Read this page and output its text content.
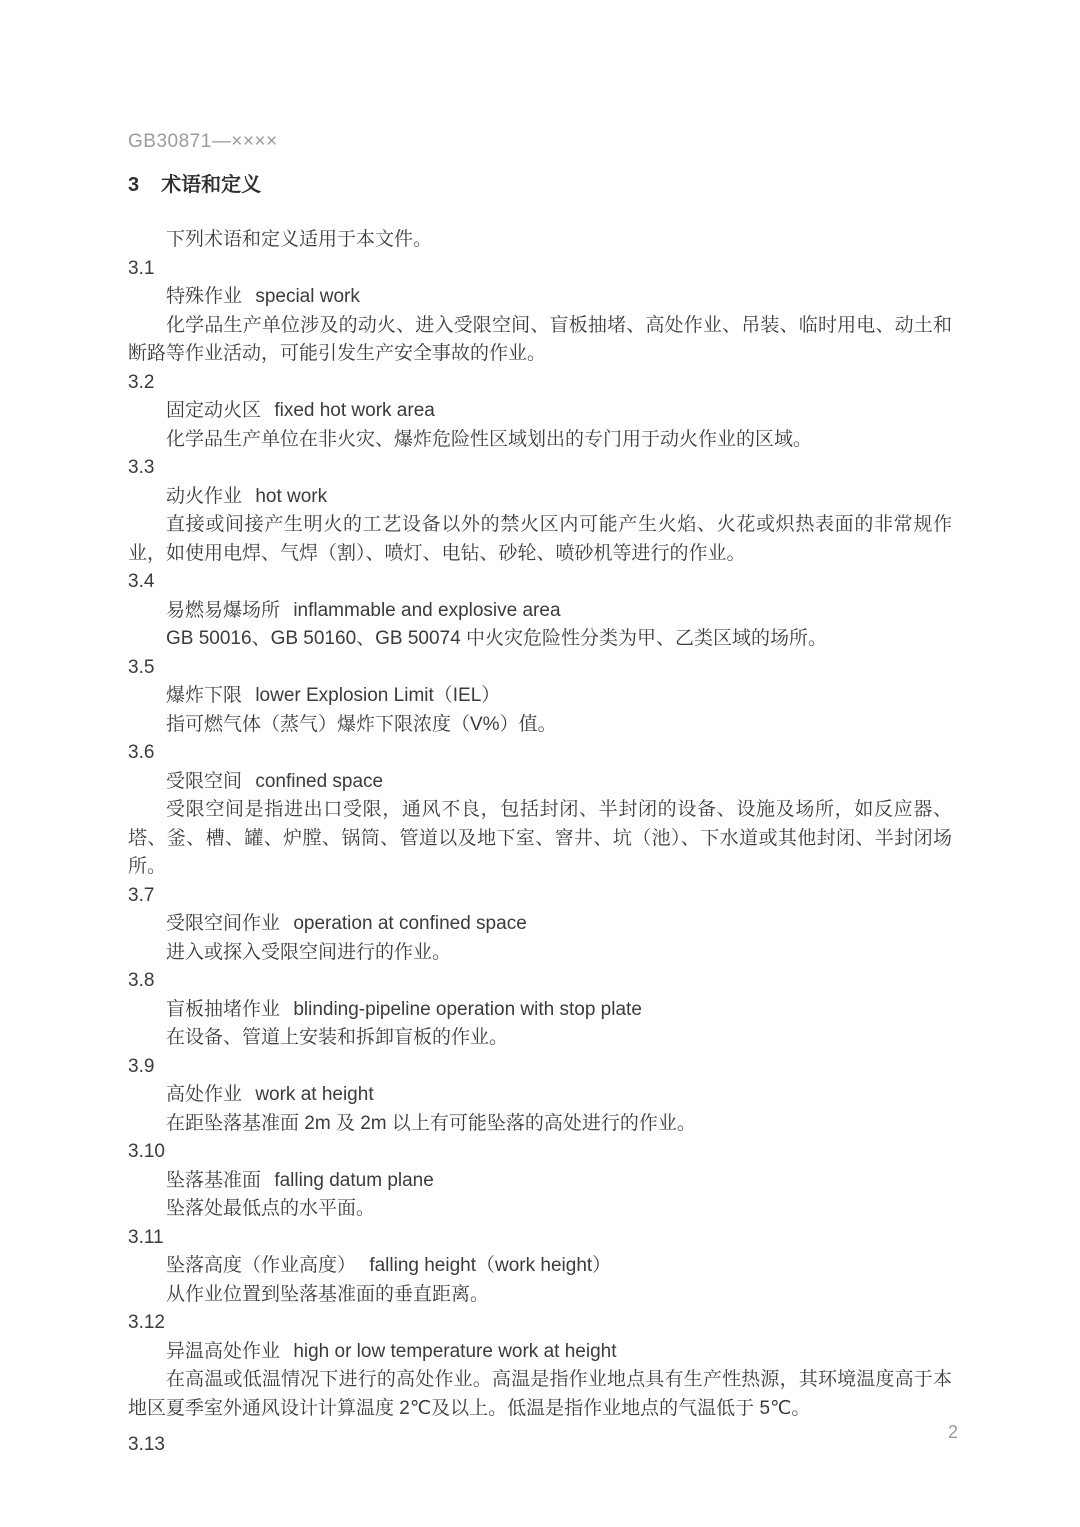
GB30871—××××
3 术语和定义

下列术语和定义适用于本文件。

3.1
特殊作业 special work

化学品生产单位涉及的动火、进入受限空间、盲板抽堵、高处作业、吊装、临时用电、动土和断路等作业活动，可能引发生产安全事故的作业。

3.2
固定动火区 fixed hot work area

化学品生产单位在非火灾、爆炸危险性区域划出的专门用于动火作业的区域。

3.3
动火作业 hot work

直接或间接产生明火的工艺设备以外的禁火区内可能产生火焰、火花或炽热表面的非常规作业，如使用电焊、气焊（割）、喷灯、电钻、砂轮、喷砂机等进行的作业。

3.4
易燃易爆场所 inflammable and explosive area

GB 50016、GB 50160、GB 50074 中火灾危险性分类为甲、乙类区域的场所。

3.5
爆炸下限 lower Explosion Limit（IEL）

指可燃气体（蒸气）爆炸下限浓度（V%）值。

3.6
受限空间 confined space

受限空间是指进出口受限，通风不良，包括封闭、半封闭的设备、设施及场所，如反应器、塔、釜、槽、罐、炉膛、锅筒、管道以及地下室、窨井、坑（池）、下水道或其他封闭、半封闭场所。

3.7
受限空间作业 operation at confined space

进入或探入受限空间进行的作业。

3.8
盲板抽堵作业 blinding-pipeline operation with stop plate

在设备、管道上安装和拆卸盲板的作业。

3.9
高处作业 work at height

在距坠落基准面 2m 及 2m 以上有可能坠落的高处进行的作业。

3.10
坠落基准面 falling datum plane

坠落处最低点的水平面。

3.11
坠落高度（作业高度） falling height（work height）

从作业位置到坠落基准面的垂直距离。

3.12
异温高处作业 high or low temperature work at height

在高温或低温情况下进行的高处作业。高温是指作业地点具有生产性热源，其环境温度高于本地区夏季室外通风设计计算温度 2℃及以上。低温是指作业地点的气温低于 5℃。

3.13
2
